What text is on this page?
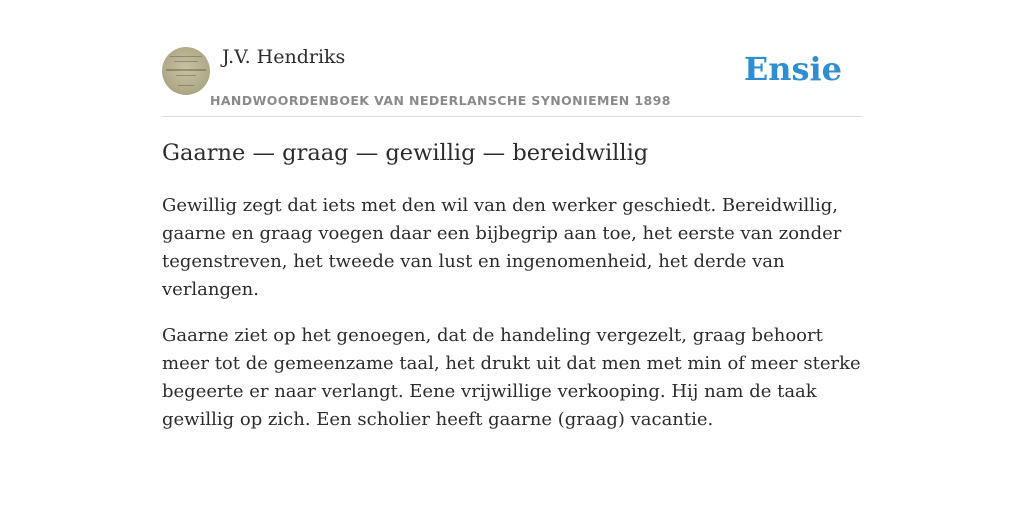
J.V. Hendriks
HANDWOORDENBOEK VAN NEDERLANSCHE SYNONIEMEN 1898
Ensie
Gaarne — graag — gewillig — bereidwillig

Gewillig zegt dat iets met den wil van den werker geschiedt. Bereidwillig, gaarne en graag voegen daar een bijbegrip aan toe, het eerste van zonder tegenstreven, het tweede van lust en ingenomenheid, het derde van verlangen.

Gaarne ziet op het genoegen, dat de handeling vergezelt, graag behoort meer tot de gemeenzame taal, het drukt uit dat men met min of meer sterke begeerte er naar verlangt. Eene vrijwillige verkooping. Hij nam de taak gewillig op zich. Een scholier heeft gaarne (graag) vacantie.
